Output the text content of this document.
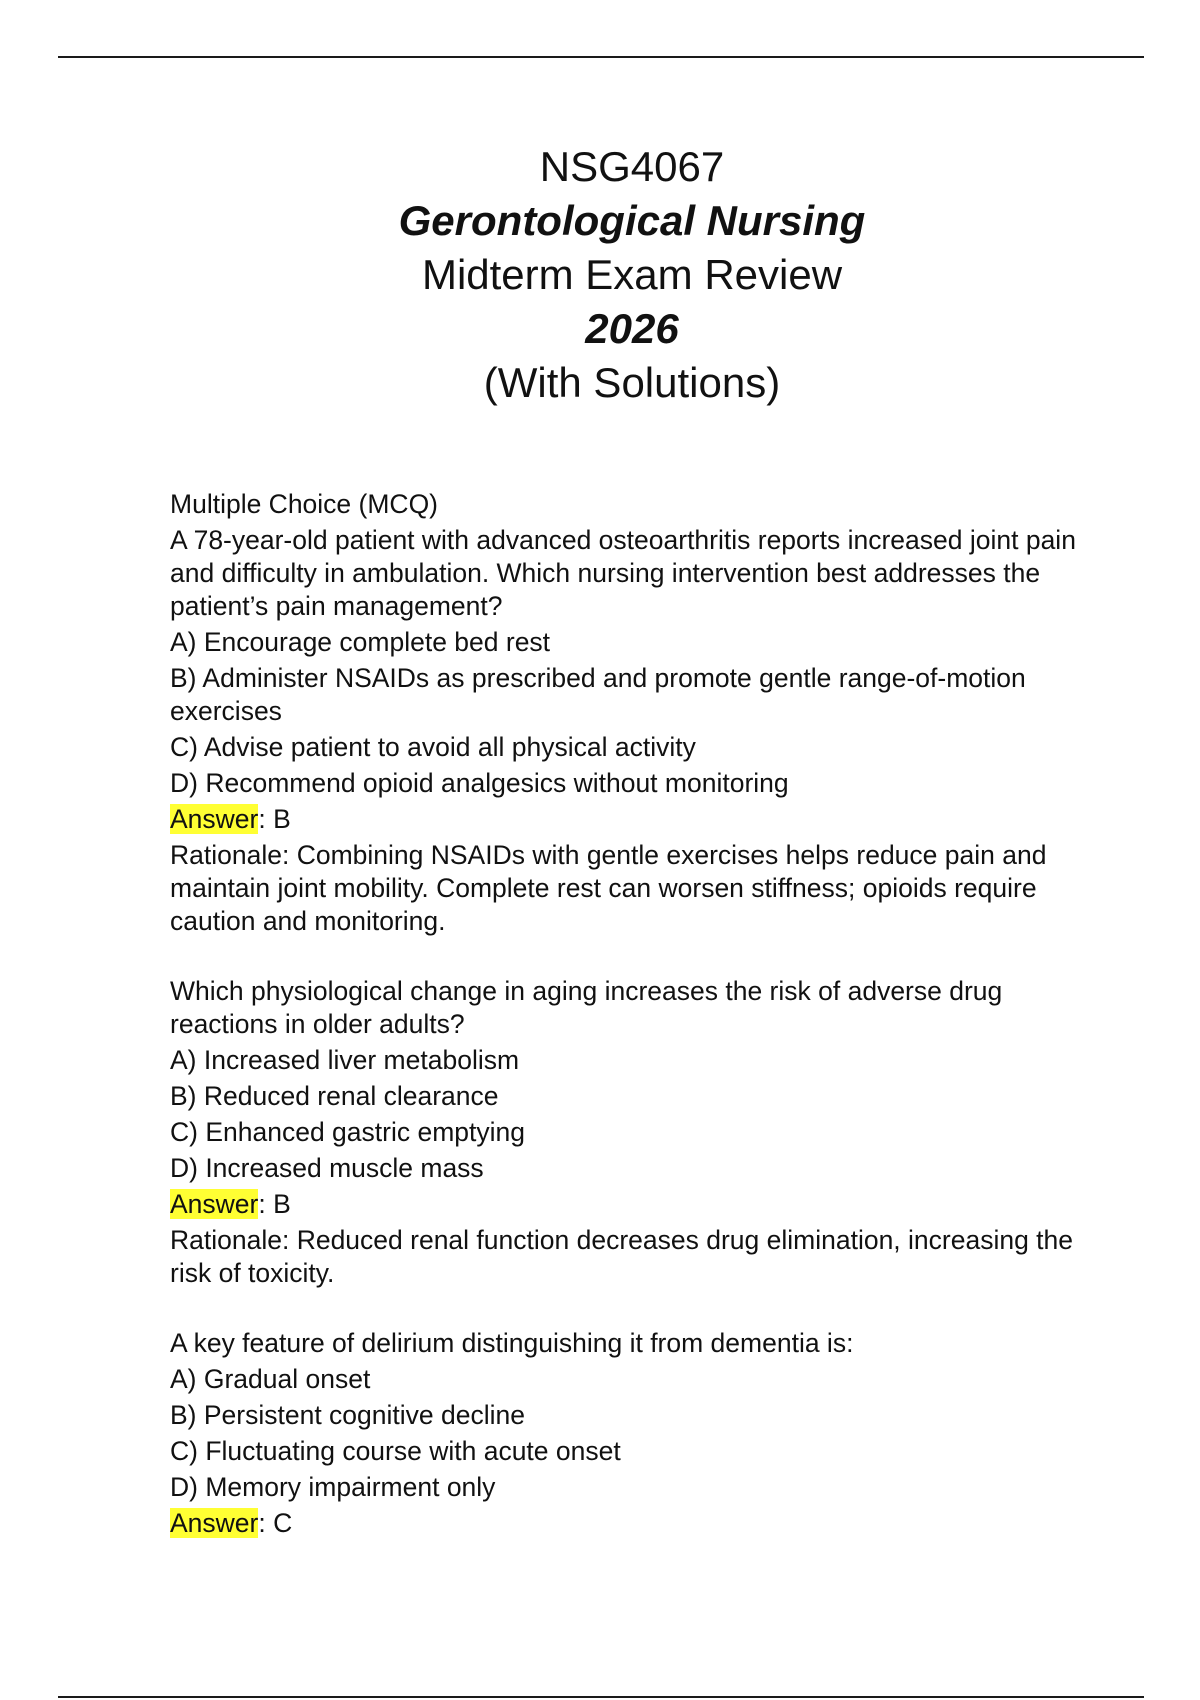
NSG4067

Gerontological Nursing

Midterm Exam Review

2026

(With Solutions)

Multiple Choice (MCQ)

A 78-year-old patient with advanced osteoarthritis reports increased joint pain and difficulty in ambulation. Which nursing intervention best addresses the patient’s pain management?

A) Encourage complete bed rest

B) Administer NSAIDs as prescribed and promote gentle range-of-motion exercises

C) Advise patient to avoid all physical activity

D) Recommend opioid analgesics without monitoring

Answer: B

Rationale: Combining NSAIDs with gentle exercises helps reduce pain and maintain joint mobility. Complete rest can worsen stiffness; opioids require caution and monitoring.

Which physiological change in aging increases the risk of adverse drug reactions in older adults?

A) Increased liver metabolism

B) Reduced renal clearance

C) Enhanced gastric emptying

D) Increased muscle mass

Answer: B

Rationale: Reduced renal function decreases drug elimination, increasing the risk of toxicity.

A key feature of delirium distinguishing it from dementia is:

A) Gradual onset

B) Persistent cognitive decline

C) Fluctuating course with acute onset

D) Memory impairment only

Answer: C
